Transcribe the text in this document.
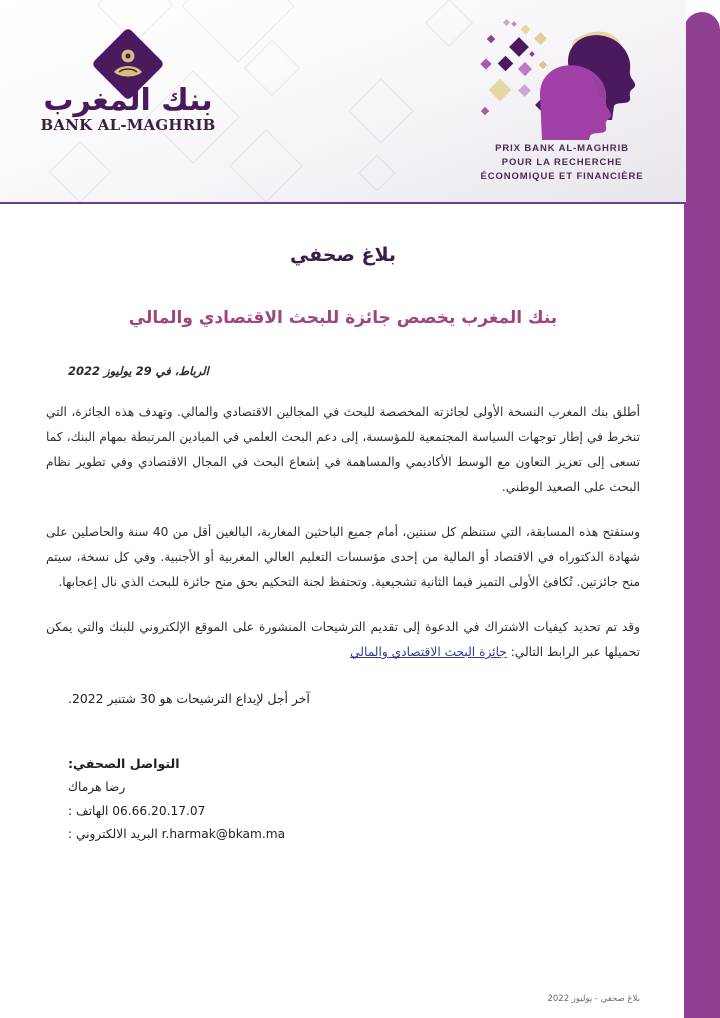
بنك المغرب
BANK AL-MAGHRIB
PRIX BANK AL-MAGHRIB
POUR LA RECHERCHE
ÉCONOMIQUE ET FINANCIÈRE
بلاغ صحفي
بنك المغرب يخصص جائزة للبحث الاقتصادي والمالي
الرباط، في 29 يوليوز 2022

أطلق بنك المغرب النسخة الأولى لجائزته المخصصة للبحث في المجالين الاقتصادي والمالي. وتهدف هذه الجائزة، التي تنخرط في إطار توجهات السياسة المجتمعية للمؤسسة، إلى دعم البحث العلمي في الميادين المرتبطة بمهام البنك، كما تسعى إلى تعزيز التعاون مع الوسط الأكاديمي والمساهمة في إشعاع البحث في المجال الاقتصادي وفي تطوير نظام البحث على الصعيد الوطني.

وستفتح هذه المسابقة، التي ستنظم كل سنتين، أمام جميع الباحثين المغاربة، البالغين أقل من 40 سنة والحاصلين على شهادة الدكتوراه في الاقتصاد أو المالية من إحدى مؤسسات التعليم العالي المغربية أو الأجنبية. وفي كل نسخة، سيتم منح جائزتين. تُكافئ الأولى التميز فيما الثانية تشجيعية. وتحتفظ لجنة التحكيم بحق منح جائزة للبحث الذي نال إعجابها.

وقد تم تحديد كيفيات الاشتراك في الدعوة إلى تقديم الترشيحات المنشورة على الموقع الإلكتروني للبنك والتي يمكن تحميلها عبر الرابط التالي: جائزة البحث الاقتصادي والمالي

آخر أجل لإيداع الترشيحات هو 30 شتنبر 2022.
التواصل الصحفي:
رضا هرماك
06.66.20.17.07 الهاتف :
r.harmak@bkam.ma البريد الالكتروني :
بلاغ صحفي - يوليوز 2022
